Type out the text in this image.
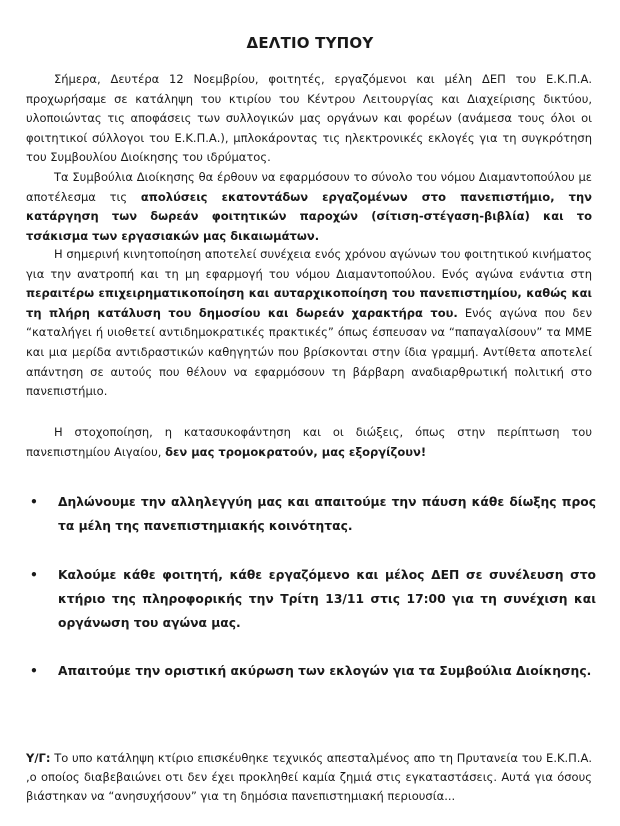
ΔΕΛΤΙΟ ΤΥΠΟΥ

Σήμερα, Δευτέρα 12 Νοεμβρίου, φοιτητές, εργαζόμενοι και μέλη ΔΕΠ του Ε.Κ.Π.Α. προχωρήσαμε σε κατάληψη του κτιρίου του Κέντρου Λειτουργίας και Διαχείρισης δικτύου, υλοποιώντας τις αποφάσεις των συλλογικών μας οργάνων και φορέων (ανάμεσα τους όλοι οι φοιτητικοί σύλλογοι του Ε.Κ.Π.Α.), μπλοκάροντας τις ηλεκτρονικές εκλογές για τη συγκρότηση του Συμβουλίου Διοίκησης του ιδρύματος.

Τα Συμβούλια Διοίκησης θα έρθουν να εφαρμόσουν το σύνολο του νόμου Διαμαντοπούλου με αποτέλεσμα τις απολύσεις εκατοντάδων εργαζομένων στο πανεπιστήμιο, την κατάργηση των δωρεάν φοιτητικών παροχών (σίτιση-στέγαση-βιβλία) και το τσάκισμα των εργασιακών μας δικαιωμάτων.

Η σημερινή κινητοποίηση αποτελεί συνέχεια ενός χρόνου αγώνων του φοιτητικού κινήματος για την ανατροπή και τη μη εφαρμογή του νόμου Διαμαντοπούλου. Ενός αγώνα ενάντια στη περαιτέρω επιχειρηματικοποίηση και αυταρχικοποίηση του πανεπιστημίου, καθώς και τη πλήρη κατάλυση του δημοσίου και δωρεάν χαρακτήρα του. Ενός αγώνα που δεν “καταλήγει ή υιοθετεί αντιδημοκρατικές πρακτικές” όπως έσπευσαν να “παπαγαλίσουν” τα ΜΜΕ και μια μερίδα αντιδραστικών καθηγητών που βρίσκονται στην ίδια γραμμή. Αντίθετα αποτελεί απάντηση σε αυτούς που θέλουν να εφαρμόσουν τη βάρβαρη αναδιαρθρωτική πολιτική στο πανεπιστήμιο.

Η στοχοποίηση, η κατασυκοφάντηση και οι διώξεις, όπως στην περίπτωση του πανεπιστημίου Αιγαίου, δεν μας τρομοκρατούν, μας εξοργίζουν!

• Δηλώνουμε την αλληλεγγύη μας και απαιτούμε την πάυση κάθε δίωξης προς τα μέλη της πανεπιστημιακής κοινότητας.
• Καλούμε κάθε φοιτητή, κάθε εργαζόμενο και μέλος ΔΕΠ σε συνέλευση στο κτήριο της πληροφορικής την Τρίτη 13/11 στις 17:00 για τη συνέχιση και οργάνωση του αγώνα μας.
• Απαιτούμε την οριστική ακύρωση των εκλογών για τα Συμβούλια Διοίκησης.

Υ/Γ: Το υπο κατάληψη κτίριο επισκέυθηκε τεχνικός απεσταλμένος απο τη Πρυτανεία του Ε.Κ.Π.Α. ,ο οποίος διαβεβαιώνει οτι δεν έχει προκληθεί καμία ζημιά στις εγκαταστάσεις. Αυτά για όσους βιάστηκαν να “ανησυχήσουν” για τη δημόσια πανεπιστημιακή περιουσία...
